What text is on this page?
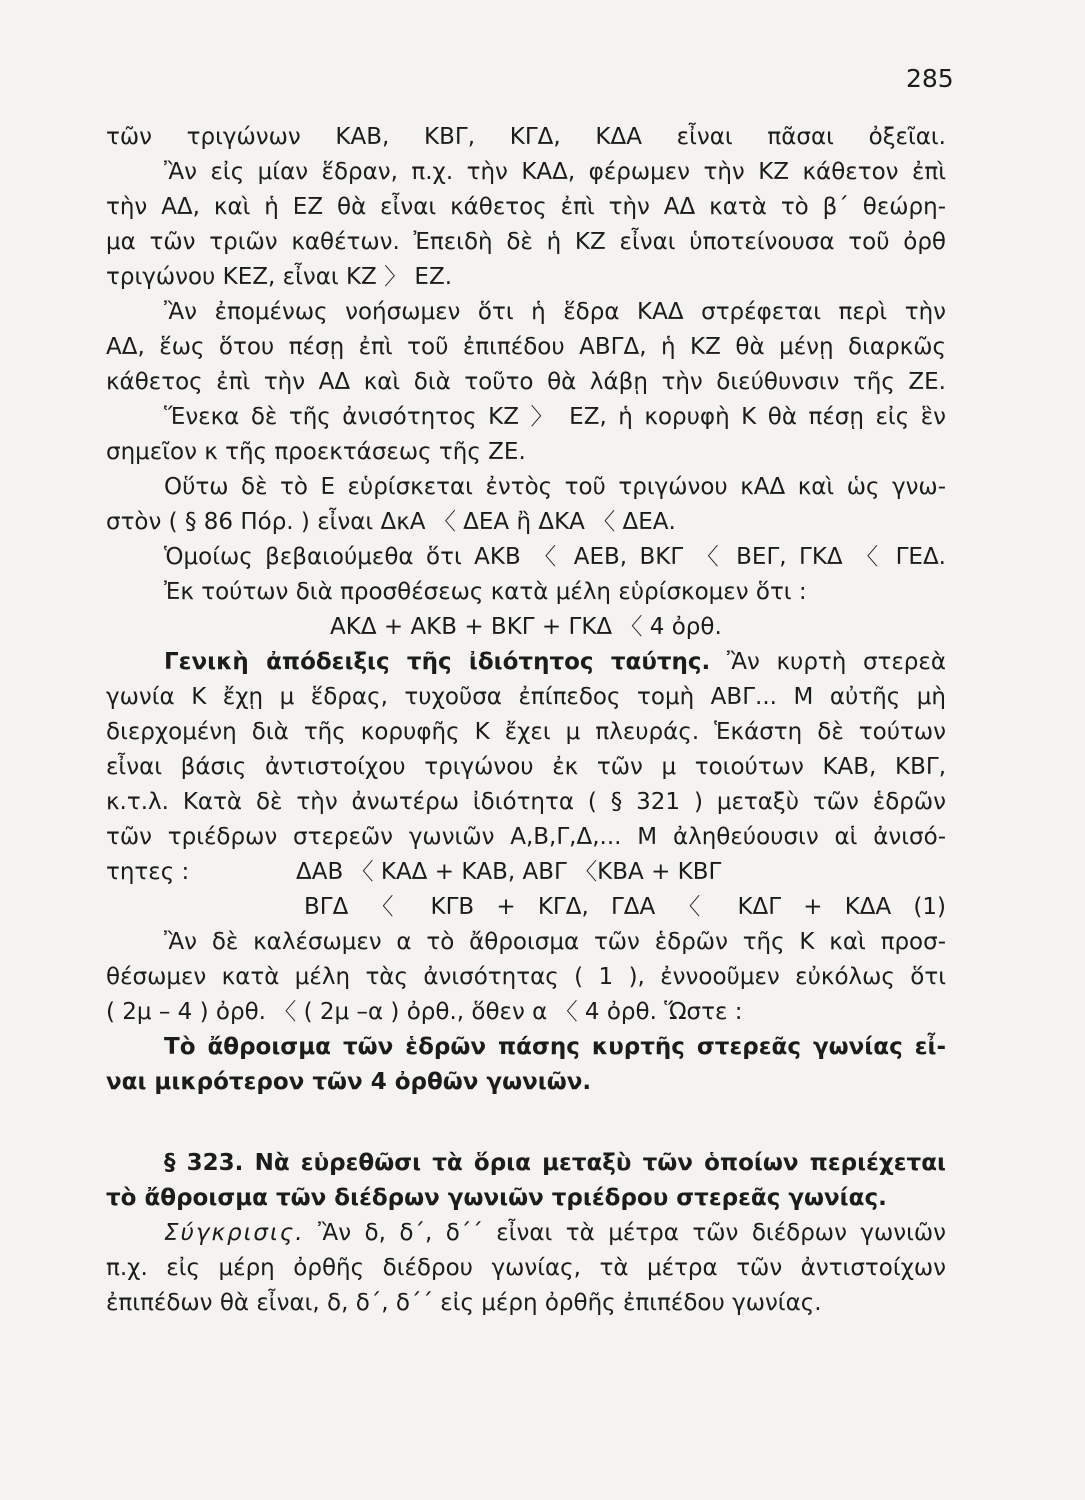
285
τῶν τριγώνων ΚΑΒ, ΚΒΓ, ΚΓΔ, ΚΔΑ εἶναι πᾶσαι ὀξεῖαι.
Ἂν εἰς μίαν ἕδραν, π.χ. τὴν ΚΑΔ, φέρωμεν τὴν ΚΖ κάθετον ἐπὶ
τὴν ΑΔ, καὶ ἡ ΕΖ θὰ εἶναι κάθετος ἐπὶ τὴν ΑΔ κατὰ τὸ β΄ θεώρη-
μα τῶν τριῶν καθέτων. Ἐπειδὴ δὲ ἡ ΚΖ εἶναι ὑποτείνουσα τοῦ ὀρθ
τριγώνου ΚΕΖ, εἶναι ΚΖ 〉 ΕΖ.
Ἂν ἐπομένως νοήσωμεν ὅτι ἡ ἕδρα ΚΑΔ στρέφεται περὶ τὴν
ΑΔ, ἕως ὅτου πέσῃ ἐπὶ τοῦ ἐπιπέδου ΑΒΓΔ, ἡ ΚΖ θὰ μένῃ διαρκῶς
κάθετος ἐπὶ τὴν ΑΔ καὶ διὰ τοῦτο θὰ λάβῃ τὴν διεύθυνσιν τῆς ΖΕ.
Ἕνεκα δὲ τῆς ἀνισότητος ΚΖ 〉 ΕΖ, ἡ κορυφὴ Κ θὰ πέσῃ εἰς ἓν
σημεῖον κ τῆς προεκτάσεως τῆς ΖΕ.
Οὕτω δὲ τὸ Ε εὑρίσκεται ἐντὸς τοῦ τριγώνου κΑΔ καὶ ὡς γνω-
στὸν ( § 86 Πόρ. ) εἶναι ΔκΑ 〈 ΔΕΑ ἢ ΔΚΑ 〈 ΔΕΑ.
Ὁμοίως βεβαιούμεθα ὅτι ΑΚΒ 〈 ΑΕΒ, ΒΚΓ 〈 ΒΕΓ, ΓΚΔ 〈 ΓΕΔ.
Ἐκ τούτων διὰ προσθέσεως κατὰ μέλη εὑρίσκομεν ὅτι :
ΑΚΔ + ΑΚΒ + ΒΚΓ + ΓΚΔ 〈 4 ὀρθ.
Γενικὴ ἀπόδειξις τῆς ἰδιότητος ταύτης. Ἂν κυρτὴ στερεὰ
γωνία Κ ἔχῃ μ ἕδρας, τυχοῦσα ἐπίπεδος τομὴ ΑΒΓ... Μ αὐτῆς μὴ
διερχομένη διὰ τῆς κορυφῆς Κ ἔχει μ πλευράς. Ἑκάστη δὲ τούτων
εἶναι βάσις ἀντιστοίχου τριγώνου ἐκ τῶν μ τοιούτων ΚΑΒ, ΚΒΓ,
κ.τ.λ. Κατὰ δὲ τὴν ἀνωτέρω ἰδιότητα ( § 321 ) μεταξὺ τῶν ἑδρῶν
τῶν τριέδρων στερεῶν γωνιῶν Α,Β,Γ,Δ,... Μ ἀληθεύουσιν αἱ ἀνισό-
τητες :	ΔΑΒ 〈 ΚΑΔ + ΚΑΒ, ΑΒΓ 〈ΚΒΑ + ΚΒΓ
ΒΓΔ 〈 ΚΓΒ + ΚΓΔ, ΓΔΑ 〈 ΚΔΓ + ΚΔΑ (1)
Ἂν δὲ καλέσωμεν α τὸ ἄθροισμα τῶν ἑδρῶν τῆς Κ καὶ προσ-
θέσωμεν κατὰ μέλη τὰς ἀνισότητας ( 1 ), ἐννοοῦμεν εὐκόλως ὅτι
( 2μ – 4 ) ὀρθ. 〈 ( 2μ –α ) ὀρθ., ὅθεν α 〈 4 ὀρθ. Ὥστε :
Τὸ ἄθροισμα τῶν ἑδρῶν πάσης κυρτῆς στερεᾶς γωνίας εἶ-
ναι μικρότερον τῶν 4 ὀρθῶν γωνιῶν.
§ 323. Νὰ εὑρεθῶσι τὰ ὅρια μεταξὺ τῶν ὁποίων περιέχεται
τὸ ἄθροισμα τῶν διέδρων γωνιῶν τριέδρου στερεᾶς γωνίας.
Σύγκρισις. Ἂν δ, δ΄, δ΄΄ εἶναι τὰ μέτρα τῶν διέδρων γωνιῶν
π.χ. εἰς μέρη ὀρθῆς διέδρου γωνίας, τὰ μέτρα τῶν ἀντιστοίχων
ἐπιπέδων θὰ εἶναι, δ, δ΄, δ΄΄ εἰς μέρη ὀρθῆς ἐπιπέδου γωνίας.
